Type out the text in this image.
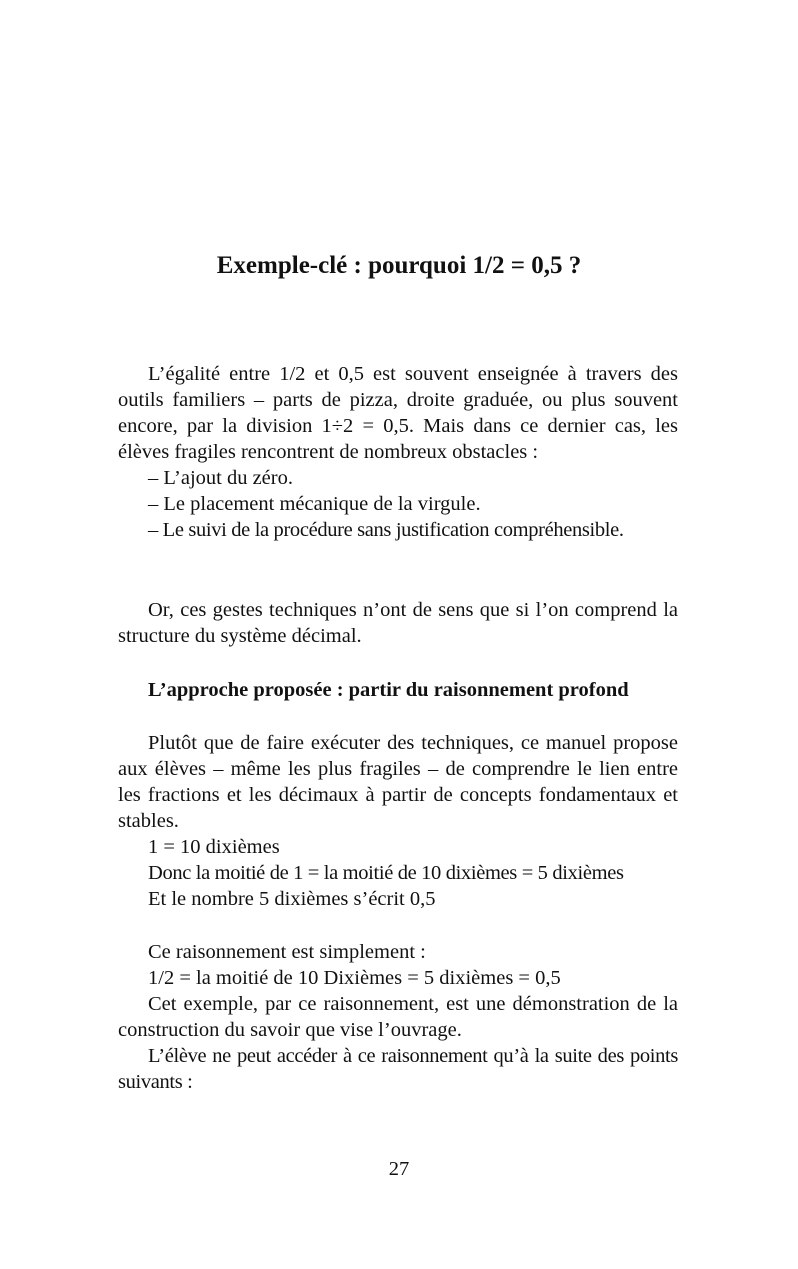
Exemple-clé : pourquoi 1/2 = 0,5 ?

L’égalité entre 1/2 et 0,5 est souvent enseignée à travers des outils familiers – parts de pizza, droite graduée, ou plus souvent encore, par la division 1÷2 = 0,5. Mais dans ce dernier cas, les élèves fragiles rencontrent de nombreux obstacles :

– L’ajout du zéro.

– Le placement mécanique de la virgule.

– Le suivi de la procédure sans justification compréhensible.

Or, ces gestes techniques n’ont de sens que si l’on comprend la structure du système décimal.

L’approche proposée : partir du raisonnement profond

Plutôt que de faire exécuter des techniques, ce manuel propose aux élèves – même les plus fragiles – de comprendre le lien entre les fractions et les décimaux à partir de concepts fondamentaux et stables.

1 = 10 dixièmes

Donc la moitié de 1 = la moitié de 10 dixièmes = 5 dixièmes

Et le nombre 5 dixièmes s’écrit 0,5

Ce raisonnement est simplement :

1/2 = la moitié de 10 Dixièmes = 5 dixièmes = 0,5

Cet exemple, par ce raisonnement, est une démonstration de la construction du savoir que vise l’ouvrage.

L’élève ne peut accéder à ce raisonnement qu’à la suite des points suivants :

27
